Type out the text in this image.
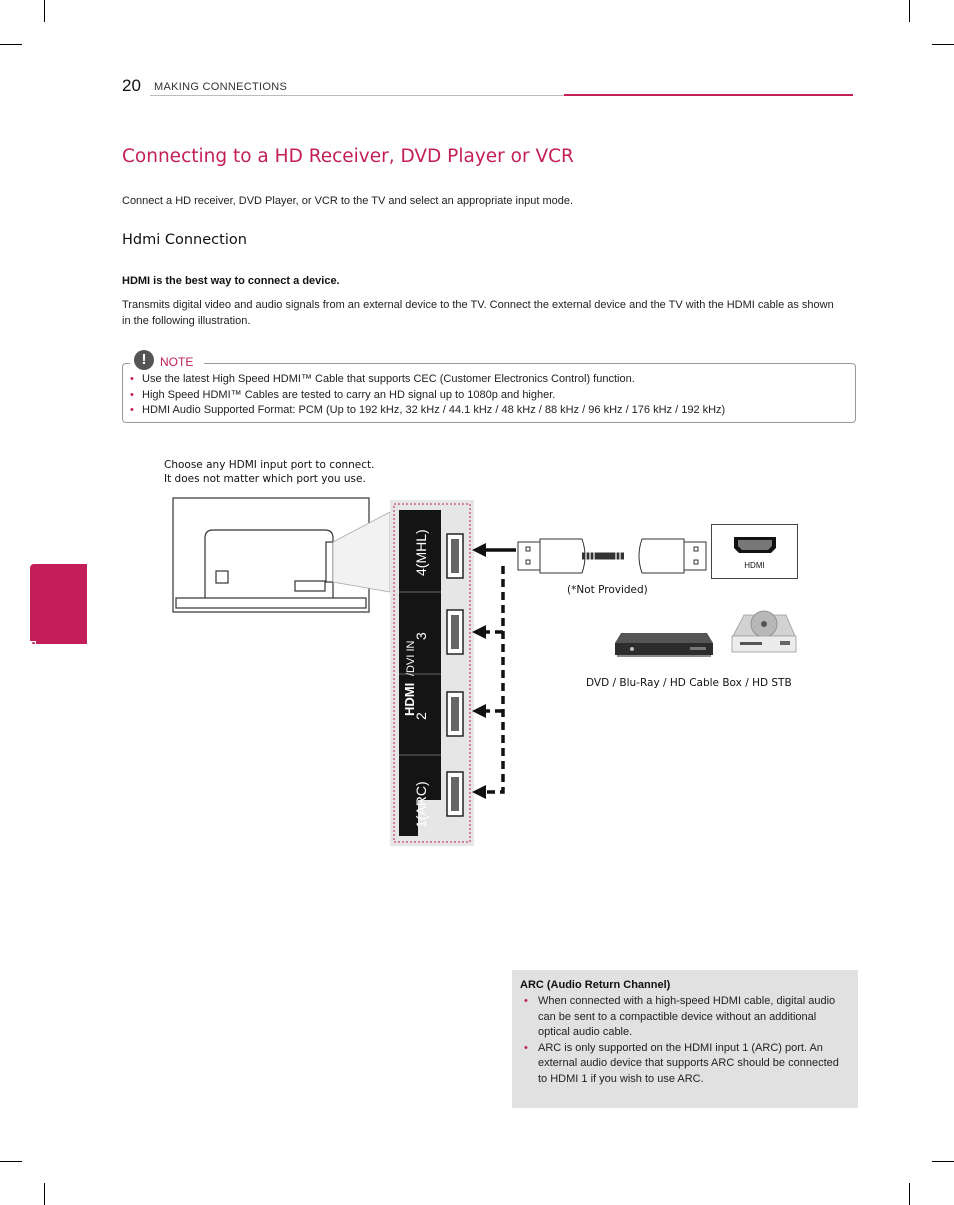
20 MAKING CONNECTIONS
ENGLISH
Connecting to a HD Receiver, DVD Player or VCR
Connect a HD receiver, DVD Player, or VCR to the TV and select an appropriate input mode.
Hdmi Connection
HDMI is the best way to connect a device.
Transmits digital video and audio signals from an external device to the TV. Connect the external device and the TV with the HDMI cable as shown in the following illustration.
!	NOTE
• Use the latest High Speed HDMI™ Cable that supports CEC (Customer Electronics Control) function.
• High Speed HDMI™ Cables are tested to carry an HD signal up to 1080p and higher.
• HDMI Audio Supported Format: PCM (Up to 192 kHz, 32 kHz / 44.1 kHz / 48 kHz / 88 kHz / 96 kHz / 176 kHz / 192 kHz)
Choose any HDMI input port to connect.
It does not matter which port you use.
4(MHL)
3
2
1(ARC)
HDMI
/DVI IN
HDMI
(*Not Provided)
DVD / Blu-Ray / HD Cable Box / HD STB
ARC (Audio Return Channel)
• When connected with a high-speed HDMI cable, digital audio can be sent to a compactible device without an additional optical audio cable.
• ARC is only supported on the HDMI input 1 (ARC) port. An external audio device that supports ARC should be connected to HDMI 1 if you wish to use ARC.
